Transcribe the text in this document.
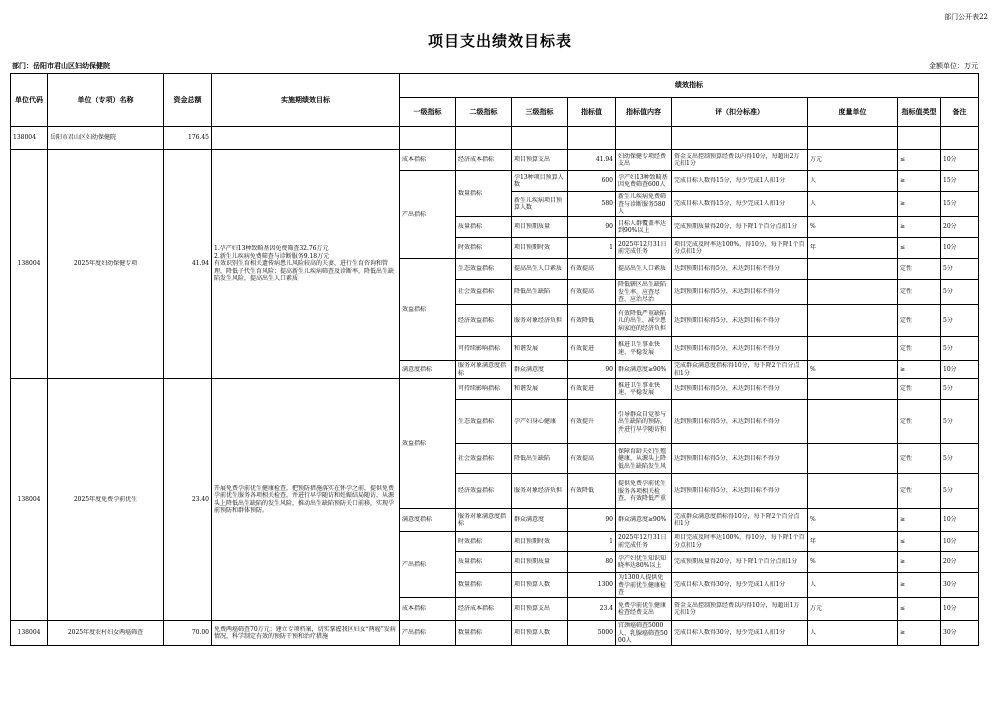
部门公开表22
项目支出绩效目标表
部门：岳阳市君山区妇幼保健院	金额单位：万元
单位代码	单位（专项）名称	资金总额	实施期绩效目标	绩效指标								
				一级指标	二级指标	三级指标	指标值	指标值内容	评（扣分标准）	度量单位	指标值类型	备注
138004	岳阳市君山区妇幼保健院	176.45										

138004	2025年度妇幼保健专项	41.94	1.孕产妇13种致畸基因免费筛查32.76万元
2.新生儿疾病免费筛查与诊断服务9.18万元
有效识别生育相关遗传病患儿风险较高的夫妻，进行生育咨询和管理，降低子代生育风险；提高新生儿疾病筛查及诊断率，降低出生缺陷发生风险，提高出生人口素质	成本指标	经济成本指标	项目预算支出	41.94	妇幼保健专项经费支出	资金支出控制预算经费以内得10分，每超出2万元扣1分	万元	≤	10分

				产出指标	数量指标	孕13种项目预算人数	600	孕产妇13种致畸基因免费筛查600人	完成目标人数得15分，每少完成1人扣1分	人	≥	15分

						新生儿疾病项目预算人数	580	新生儿疾病免费筛查与诊断服务580人	完成目标人数得15分，每少完成1人扣1分	人	≥	15分

					质量指标	项目预期质量	90	目标人群覆盖率达到90%以上	完成预期质量得20分，每下降1个百分点扣1分	%	≥	20分

					时效指标	项目预期时效	1	2025年12月31日前完成任务	项目完成及时率达100%，得10分，每下降1个百分点扣1分	年	≤	10分

				效益指标	生态效益指标	提高出生人口素质	有效提高	提高出生人口素质	达到预期目标得5分，未达到目标不得分		定性	5分

					社会效益指标	降低出生缺陷	有效提高	降低辖区出生缺陷发生率，应查尽查、应治尽治	达到预期目标得5分，未达到目标不得分		定性	5分

					经济效益指标	服务对象经济负担	有效降低	有效降低严重缺陷儿的出生，减少患病家庭的经济负担	达到预期目标得5分，未达到目标不得分		定性	5分

					可持续影响指标	和谐发展	有效促进	推进卫生事业快速、平稳发展	达到预期目标得5分，未达到目标不得分		定性	5分

				满意度指标	服务对象满意度指标	群众满意度	90	群众满意度≥90%	完成群众满意度指标得10分，每下降2个百分点扣1分	%	≥	10分

138004	2025年度免费孕前优生	23.40	开展免费孕前优生健康检查，把预防措施落实在怀孕之前，提供免费孕前优生服务各项相关检查，并进行早孕随访和妊娠结局随访，从源头上降低出生缺陷的发生风险，推动出生缺陷预防关口前移，实现孕前预防和群体预防。	效益指标	可持续影响指标	和谐发展	有效促进	推进卫生事业快速、平稳发展	达到预期目标得5分，未达到目标不得分		定性	5分

					生态效益指标	孕产妇身心健康	有效提升	引导群众自觉参与出生缺陷的预防，并进行早孕随访和	达到预期目标得5分，未达到目标不得分		定性	5分

					社会效益指标	降低出生缺陷	有效提高	保障育龄夫妇生殖健康，从源头上降低出生缺陷发生风	达到预期目标得5分，未达到目标不得分		定性	5分

					经济效益指标	服务对象经济负担	有效降低	提供免费孕前优生服务各项相关检查，有效降低严重	达到预期目标得5分，未达到目标不得分		定性	5分

				满意度指标	服务对象满意度指标	群众满意度	90	群众满意度≥90%	完成群众满意度指标得10分，每下降2个百分点扣1分	%	≥	10分

				产出指标	时效指标	项目预期时效	1	2025年12月31日前完成任务	项目完成及时率达100%，得10分，每下降1个百分点扣1分	年	≤	10分

					质量指标	项目预期质量	80	孕产妇优生知识知晓率达80%以上	完成预期质量得20分，每下降1个百分点扣1分	%	≥	20分

					数量指标	项目预算人数	1300	为1300人提供免费孕前优生健康检查	完成目标人数得30分，每少完成1人扣1分	人	≥	30分

				成本指标	经济成本指标	项目预算支出	23.4	免费孕前优生健康检查经费支出	资金支出控制预算经费以内得10分，每超出1万元扣1分	万元	≤	10分

138004	2025年度农村妇女两癌筛查	70.00	免费两癌筛查70万元；建立专项档案，切实掌握我区妇女“两癌”发病情况，科学制定有效的预防干预和治疗措施	产出指标	数量指标	项目预算人数	5000	宫颈癌筛查5000人、乳腺癌筛查5000人	完成目标人数得30分，每少完成1人扣1分	人	≥	30分
